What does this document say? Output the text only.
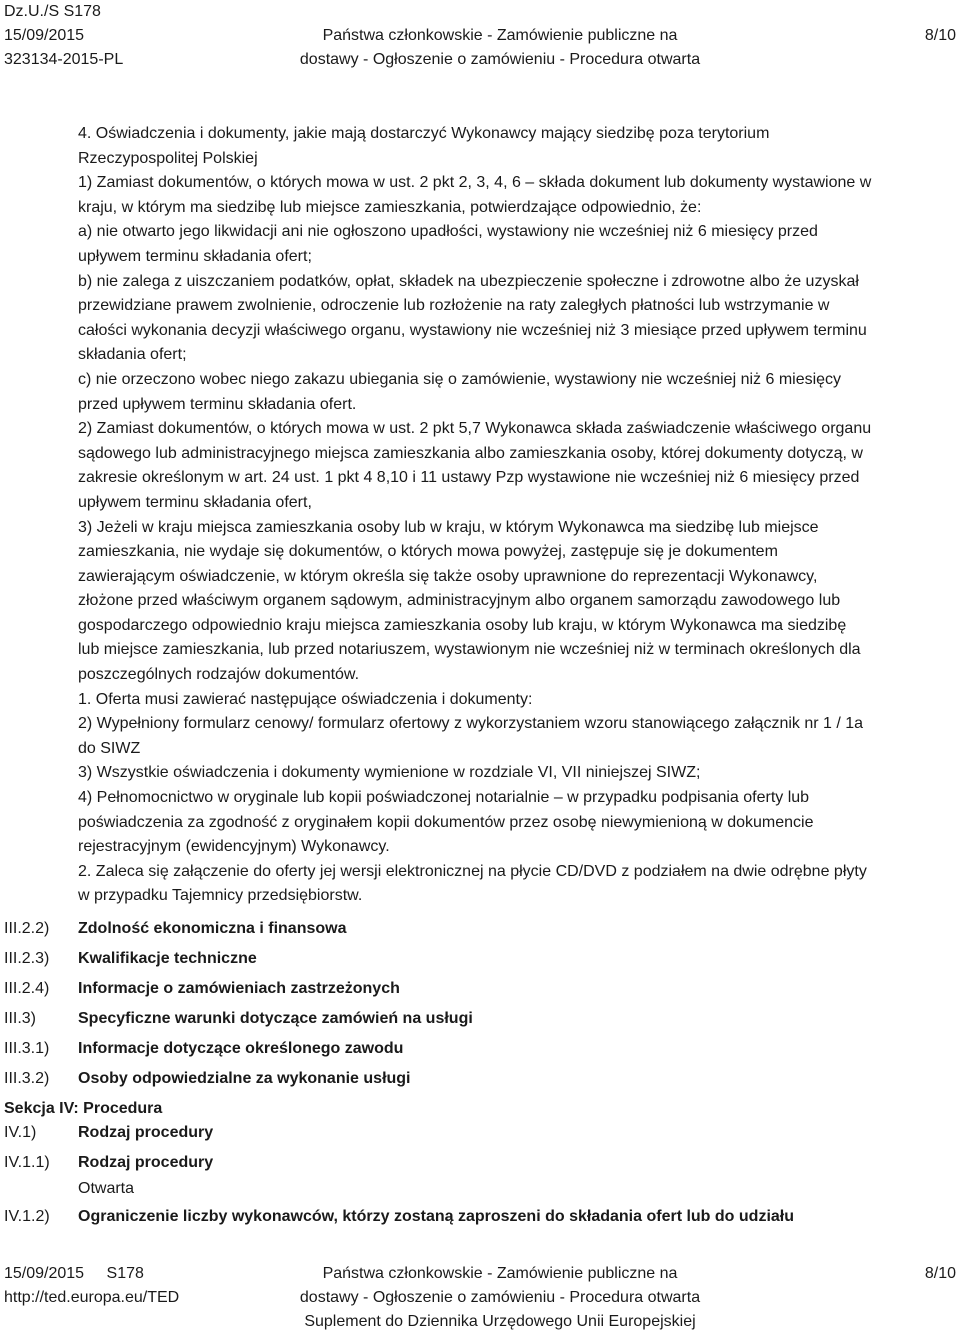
Dz.U./S S178
15/09/2015
323134-2015-PL
Państwa członkowskie - Zamówienie publiczne na
dostawy - Ogłoszenie o zamówieniu - Procedura otwarta
8/10

4. Oświadczenia i dokumenty, jakie mają dostarczyć Wykonawcy mający siedzibę poza terytorium

Rzeczypospolitej Polskiej

1) Zamiast dokumentów, o których mowa w ust. 2 pkt 2, 3, 4, 6 – składa dokument lub dokumenty wystawione w

kraju, w którym ma siedzibę lub miejsce zamieszkania, potwierdzające odpowiednio, że:

a) nie otwarto jego likwidacji ani nie ogłoszono upadłości, wystawiony nie wcześniej niż 6 miesięcy przed

upływem terminu składania ofert;

b) nie zalega z uiszczaniem podatków, opłat, składek na ubezpieczenie społeczne i zdrowotne albo że uzyskał

przewidziane prawem zwolnienie, odroczenie lub rozłożenie na raty zaległych płatności lub wstrzymanie w

całości wykonania decyzji właściwego organu, wystawiony nie wcześniej niż 3 miesiące przed upływem terminu

składania ofert;

c) nie orzeczono wobec niego zakazu ubiegania się o zamówienie, wystawiony nie wcześniej niż 6 miesięcy

przed upływem terminu składania ofert.

2) Zamiast dokumentów, o których mowa w ust. 2 pkt 5,7 Wykonawca składa zaświadczenie właściwego organu

sądowego lub administracyjnego miejsca zamieszkania albo zamieszkania osoby, której dokumenty dotyczą, w

zakresie określonym w art. 24 ust. 1 pkt 4 8,10 i 11 ustawy Pzp wystawione nie wcześniej niż 6 miesięcy przed

upływem terminu składania ofert,

3) Jeżeli w kraju miejsca zamieszkania osoby lub w kraju, w którym Wykonawca ma siedzibę lub miejsce

zamieszkania, nie wydaje się dokumentów, o których mowa powyżej, zastępuje się je dokumentem

zawierającym oświadczenie, w którym określa się także osoby uprawnione do reprezentacji Wykonawcy,

złożone przed właściwym organem sądowym, administracyjnym albo organem samorządu zawodowego lub

gospodarczego odpowiednio kraju miejsca zamieszkania osoby lub kraju, w którym Wykonawca ma siedzibę

lub miejsce zamieszkania, lub przed notariuszem, wystawionym nie wcześniej niż w terminach określonych dla

poszczególnych rodzajów dokumentów.

1. Oferta musi zawierać następujące oświadczenia i dokumenty:

2) Wypełniony formularz cenowy/ formularz ofertowy z wykorzystaniem wzoru stanowiącego załącznik nr 1 / 1a

do SIWZ

3) Wszystkie oświadczenia i dokumenty wymienione w rozdziale VI, VII niniejszej SIWZ;

4) Pełnomocnictwo w oryginale lub kopii poświadczonej notarialnie – w przypadku podpisania oferty lub

poświadczenia za zgodność z oryginałem kopii dokumentów przez osobę niewymienioną w dokumencie

rejestracyjnym (ewidencyjnym) Wykonawcy.

2. Zaleca się załączenie do oferty jej wersji elektronicznej na płycie CD/DVD z podziałem na dwie odrębne płyty

w przypadku Tajemnicy przedsiębiorstw.

III.2.2) Zdolność ekonomiczna i finansowa
III.2.3) Kwalifikacje techniczne
III.2.4) Informacje o zamówieniach zastrzeżonych
III.3)	Specyficzne warunki dotyczące zamówień na usługi
III.3.1) Informacje dotyczące określonego zawodu
III.3.2) Osoby odpowiedzialne za wykonanie usługi
Sekcja IV: Procedura
IV.1)	Rodzaj procedury
IV.1.1) Rodzaj procedury
Otwarta
IV.1.2) Ograniczenie liczby wykonawców, którzy zostaną zaproszeni do składania ofert lub do udziału
15/09/2015 S178
http://ted.europa.eu/TED
Państwa członkowskie - Zamówienie publiczne na
dostawy - Ogłoszenie o zamówieniu - Procedura otwarta
Suplement do Dziennika Urzędowego Unii Europejskiej
8/10
